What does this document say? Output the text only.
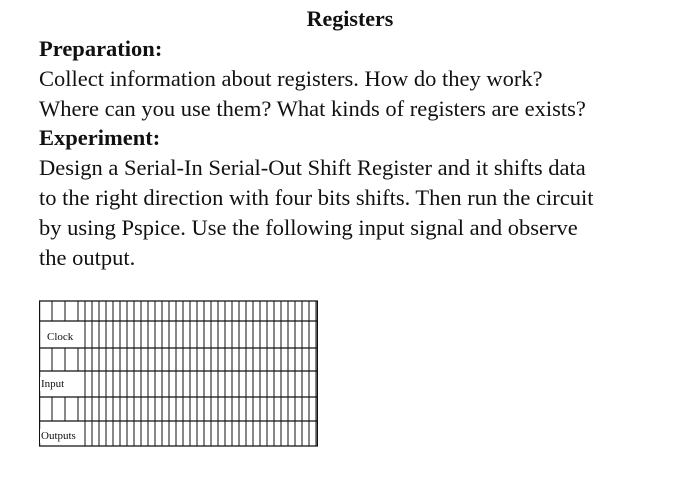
Registers
Preparation:
Collect information about registers. How do they work?
Where can you use them? What kinds of registers are exists?
Experiment:
Design a Serial-In Serial-Out Shift Register and it shifts data
to the right direction with four bits shifts. Then run the circuit
by using Pspice. Use the following input signal and observe
the output.
Clock
Input
Outputs
